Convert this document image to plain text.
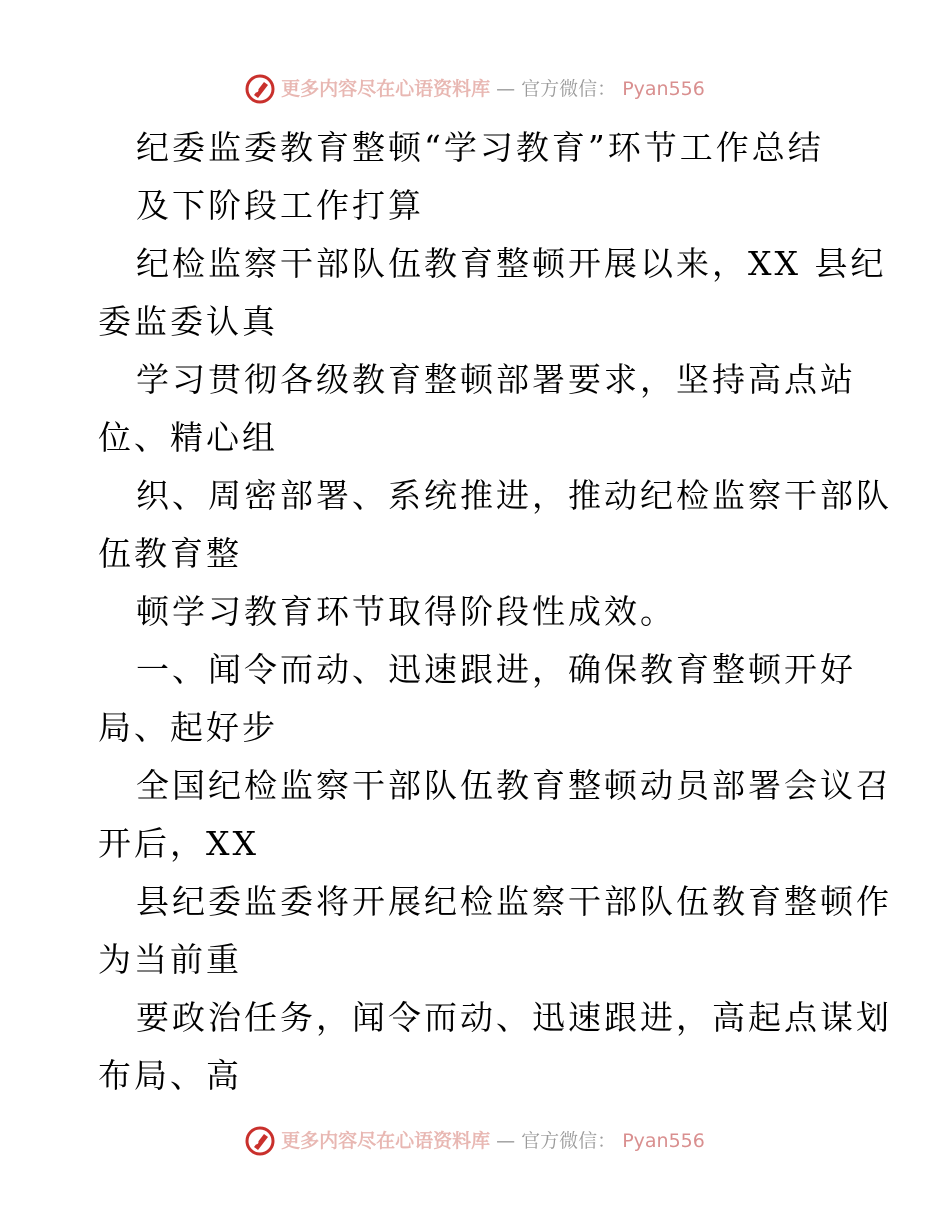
更多内容尽在心语资料库 — 官方微信： Pyan556
纪委监委教育整顿“学习教育”环节工作总结
及下阶段工作打算
纪检监察干部队伍教育整顿开展以来，XX 县纪
委监委认真
学习贯彻各级教育整顿部署要求，坚持高点站
位、精心组
织、周密部署、系统推进，推动纪检监察干部队
伍教育整
顿学习教育环节取得阶段性成效。
一、闻令而动、迅速跟进，确保教育整顿开好
局、起好步
全国纪检监察干部队伍教育整顿动员部署会议召
开后，XX
县纪委监委将开展纪检监察干部队伍教育整顿作
为当前重
要政治任务，闻令而动、迅速跟进，高起点谋划
布局、高
更多内容尽在心语资料库 — 官方微信： Pyan556
